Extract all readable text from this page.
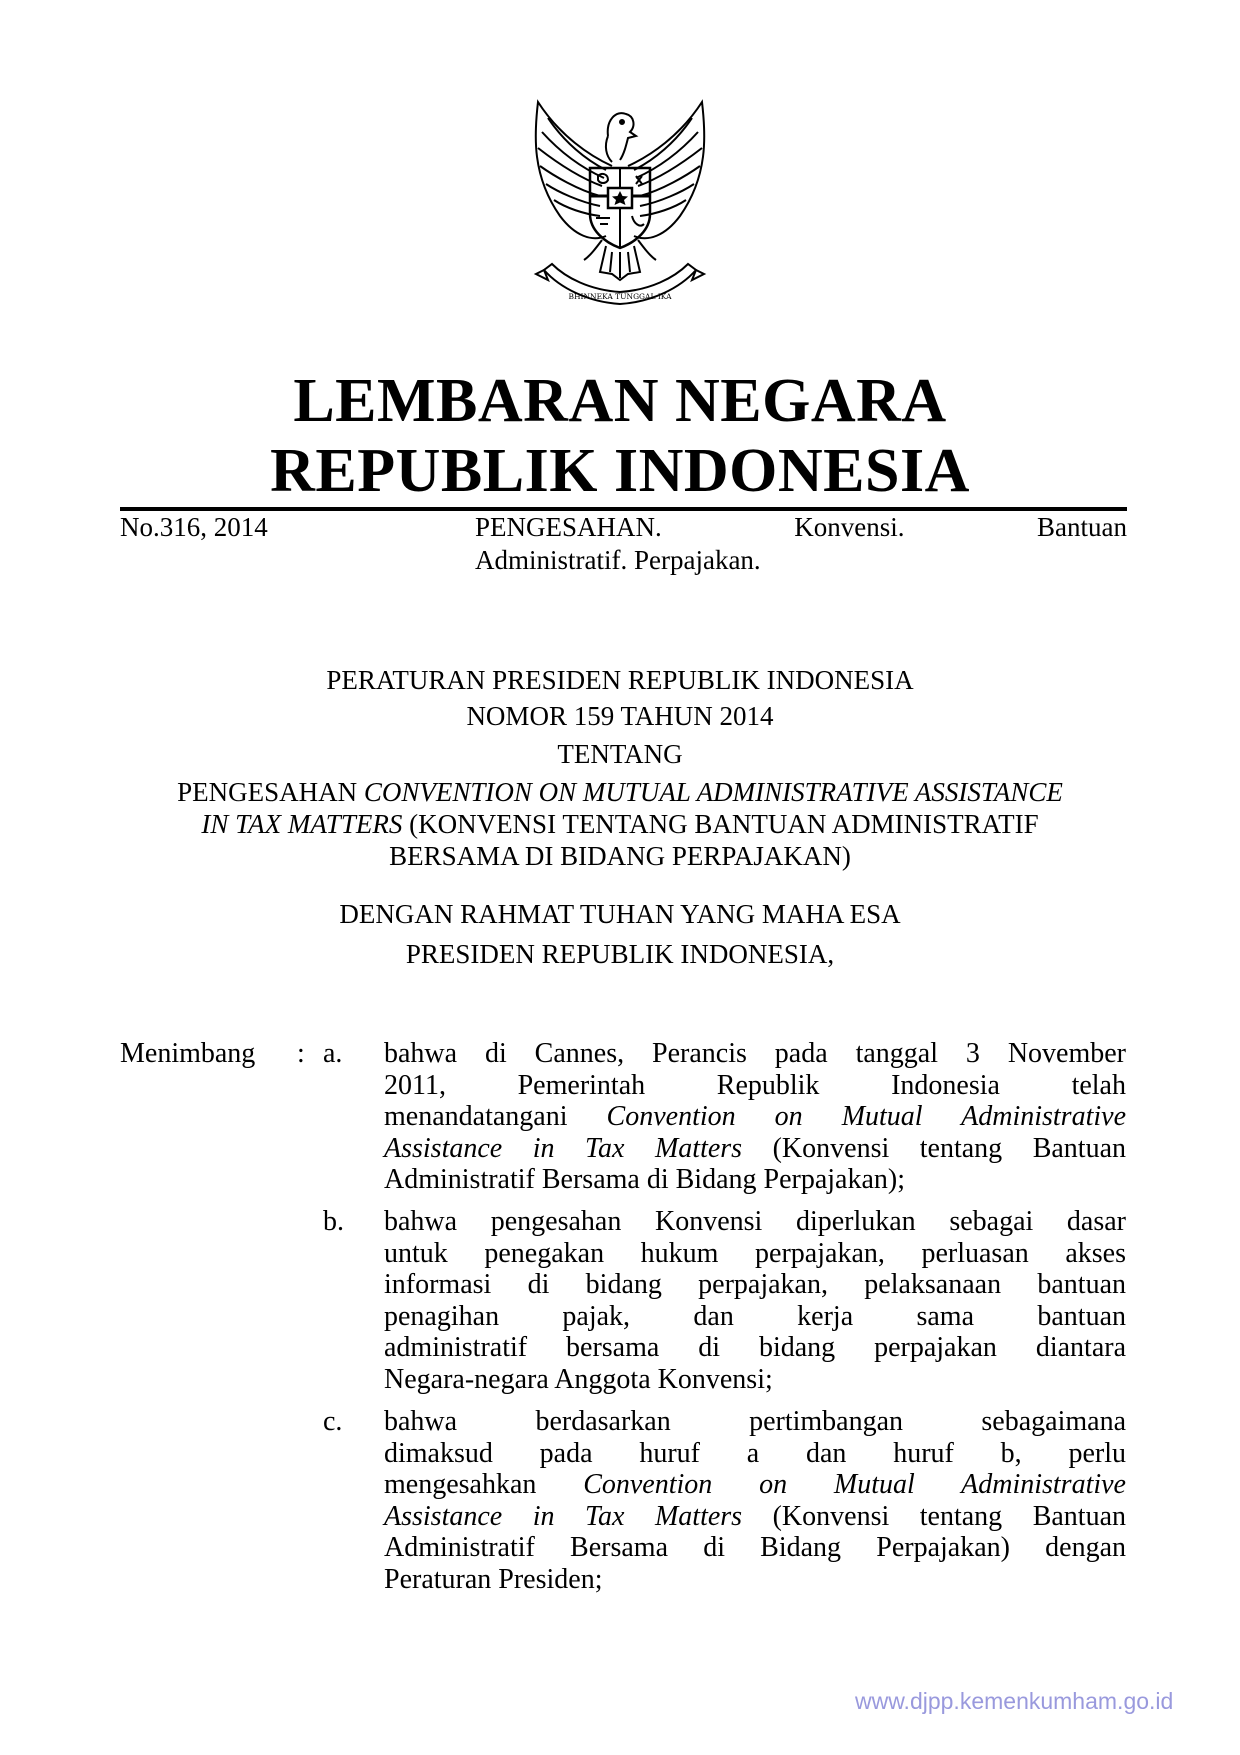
BHINNEKA TUNGGAL IKA
LEMBARAN NEGARA
REPUBLIK INDONESIA
No.316, 2014	PENGESAHAN.	Konvensi.	Bantuan
Administratif. Perpajakan.
PERATURAN PRESIDEN REPUBLIK INDONESIA
NOMOR 159 TAHUN 2014
TENTANG
PENGESAHAN CONVENTION ON MUTUAL ADMINISTRATIVE ASSISTANCE
IN TAX MATTERS (KONVENSI TENTANG BANTUAN ADMINISTRATIF
BERSAMA DI BIDANG PERPAJAKAN)
DENGAN RAHMAT TUHAN YANG MAHA ESA
PRESIDEN REPUBLIK INDONESIA,
Menimbang : a. bahwa di Cannes, Perancis pada tanggal 3 November
2011, Pemerintah Republik Indonesia telah
menandatangani Convention on Mutual Administrative
Assistance in Tax Matters (Konvensi tentang Bantuan
Administratif Bersama di Bidang Perpajakan);
b. bahwa pengesahan Konvensi diperlukan sebagai dasar
untuk penegakan hukum perpajakan, perluasan akses
informasi di bidang perpajakan, pelaksanaan bantuan
penagihan pajak, dan kerja sama bantuan
administratif bersama di bidang perpajakan diantara
Negara-negara Anggota Konvensi;
c. bahwa berdasarkan pertimbangan sebagaimana
dimaksud pada huruf a dan huruf b, perlu
mengesahkan Convention on Mutual Administrative
Assistance in Tax Matters (Konvensi tentang Bantuan
Administratif Bersama di Bidang Perpajakan) dengan
Peraturan Presiden;
www.djpp.kemenkumham.go.id
